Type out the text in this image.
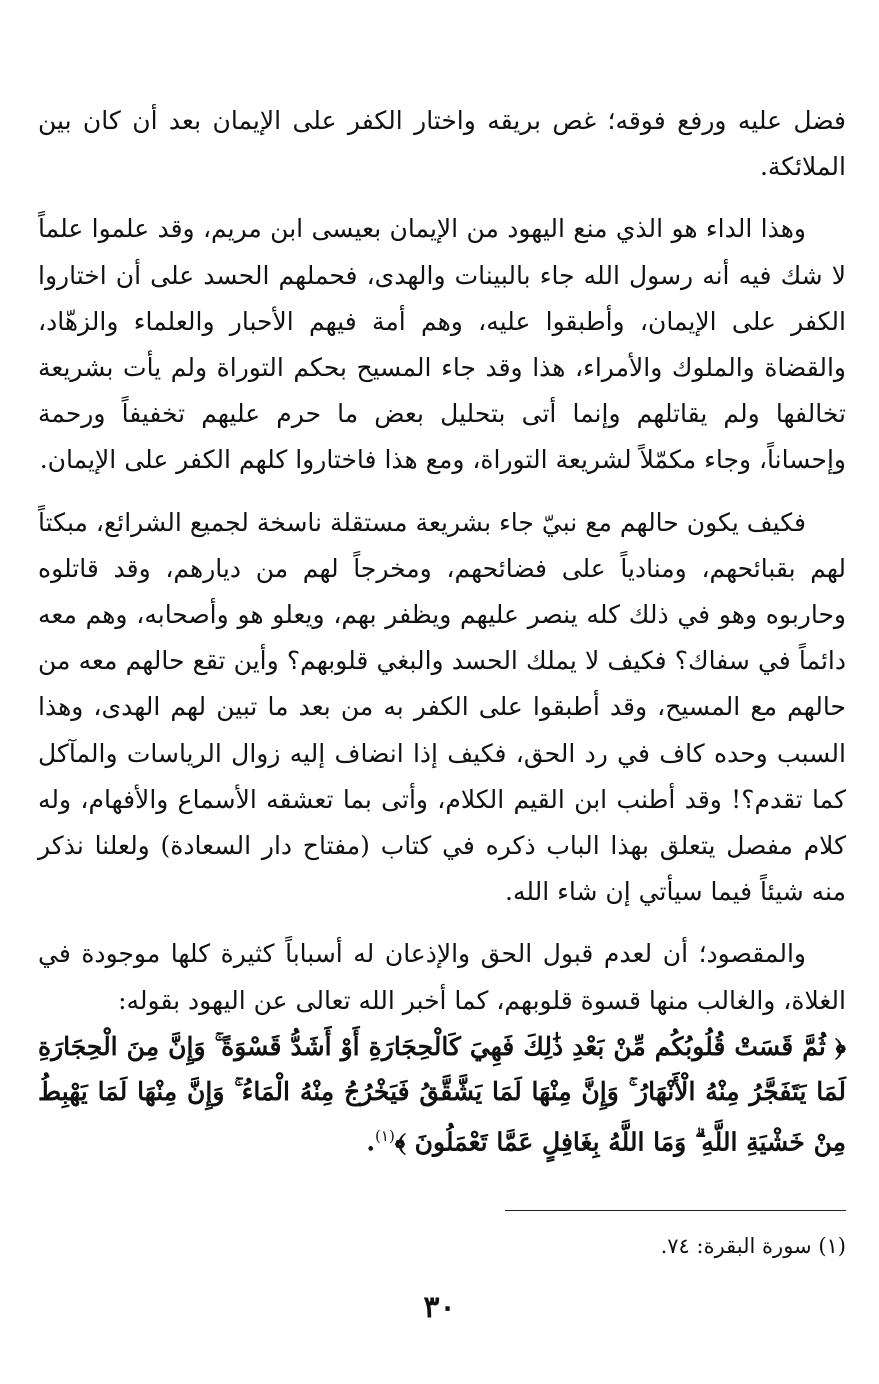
فضل عليه ورفع فوقه؛ غص بريقه واختار الكفر على الإيمان بعد أن كان بين الملائكة.

وهذا الداء هو الذي منع اليهود من الإيمان بعيسى ابن مريم، وقد علموا علماً لا شك فيه أنه رسول الله جاء بالبينات والهدى، فحملهم الحسد على أن اختاروا الكفر على الإيمان، وأطبقوا عليه، وهم أمة فيهم الأحبار والعلماء والزهّاد، والقضاة والملوك والأمراء، هذا وقد جاء المسيح بحكم التوراة ولم يأت بشريعة تخالفها ولم يقاتلهم وإنما أتى بتحليل بعض ما حرم عليهم تخفيفاً ورحمة وإحساناً، وجاء مكمّلاً لشريعة التوراة، ومع هذا فاختاروا كلهم الكفر على الإيمان.

فكيف يكون حالهم مع نبيّ جاء بشريعة مستقلة ناسخة لجميع الشرائع، مبكتاً لهم بقبائحهم، ومنادياً على فضائحهم، ومخرجاً لهم من ديارهم، وقد قاتلوه وحاربوه وهو في ذلك كله ينصر عليهم ويظفر بهم، ويعلو هو وأصحابه، وهم معه دائماً في سفاك؟ فكيف لا يملك الحسد والبغي قلوبهم؟ وأين تقع حالهم معه من حالهم مع المسيح، وقد أطبقوا على الكفر به من بعد ما تبين لهم الهدى، وهذا السبب وحده كاف في رد الحق، فكيف إذا انضاف إليه زوال الرياسات والمآكل كما تقدم؟! وقد أطنب ابن القيم الكلام، وأتى بما تعشقه الأسماع والأفهام، وله كلام مفصل يتعلق بهذا الباب ذكره في كتاب (مفتاح دار السعادة) ولعلنا نذكر منه شيئاً فيما سيأتي إن شاء الله.

والمقصود؛ أن لعدم قبول الحق والإذعان له أسباباً كثيرة كلها موجودة في الغلاة، والغالب منها قسوة قلوبهم، كما أخبر الله تعالى عن اليهود بقوله:

﴿ ثُمَّ قَسَتْ قُلُوبُكُم مِّنْ بَعْدِ ذَٰلِكَ فَهِيَ كَالْحِجَارَةِ أَوْ أَشَدُّ قَسْوَةً ۚ وَإِنَّ مِنَ الْحِجَارَةِ لَمَا يَتَفَجَّرُ مِنْهُ الْأَنْهَارُ ۚ وَإِنَّ مِنْهَا لَمَا يَشَّقَّقُ فَيَخْرُجُ مِنْهُ الْمَاءُ ۚ وَإِنَّ مِنْهَا لَمَا يَهْبِطُ مِنْ خَشْيَةِ اللَّهِ ۗ وَمَا اللَّهُ بِغَافِلٍ عَمَّا تَعْمَلُونَ ﴾$^{(١)}$.

(١) سورة البقرة: ٧٤.
٣٠
